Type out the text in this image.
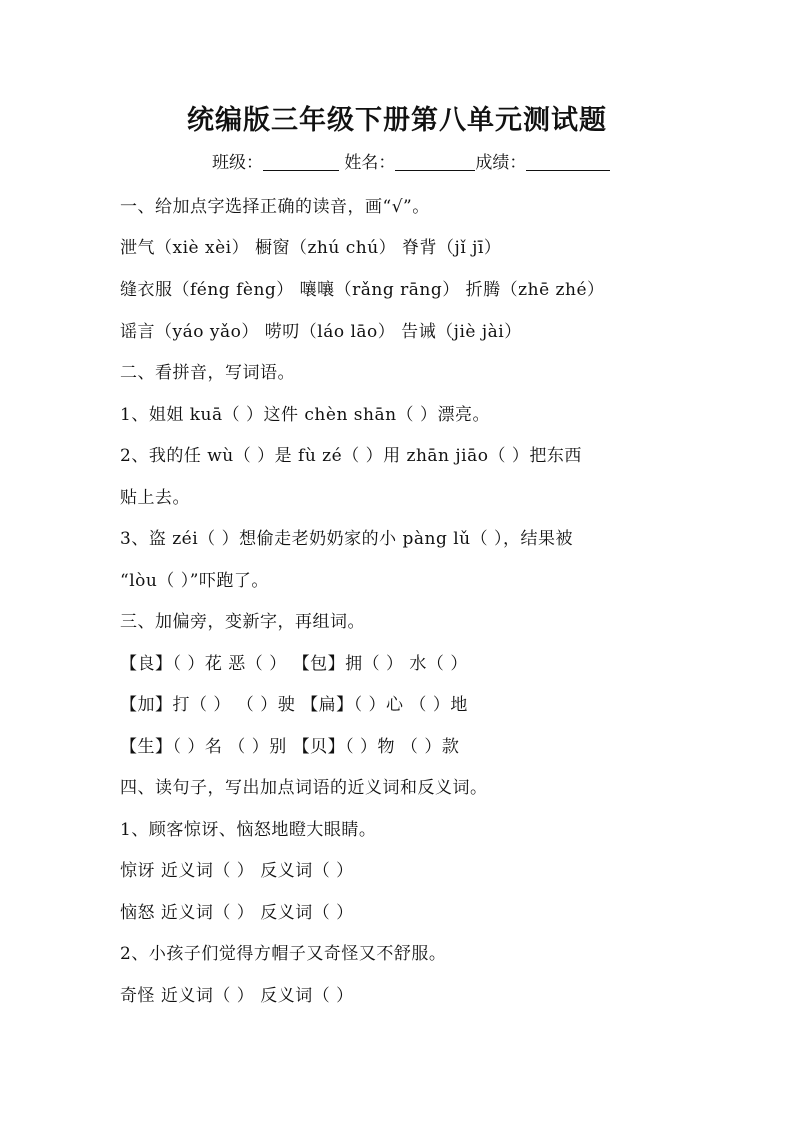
统编版三年级下册第八单元测试题
班级：	姓名：	成绩：
一、给加点字选择正确的读音，画“√”。
泄气（xiè xèi） 橱窗（zhú chú） 脊背（jǐ jī）
缝衣服（féng fèng） 嚷嚷（rǎng rāng） 折腾（zhē zhé）
谣言（yáo yǎo） 唠叨（láo lāo） 告诫（jiè jài）
二、看拼音，写词语。
1、姐姐 kuā（ ）这件 chèn shān（ ）漂亮。
2、我的任 wù（ ）是 fù zé（ ）用 zhān jiāo（ ）把东西
贴上去。
3、盗 zéi（ ）想偷走老奶奶家的小 pàng lǔ（ ），结果被
“lòu（ ）”吓跑了。
三、加偏旁，变新字，再组词。
【良】（ ）花 恶（ ） 【包】拥（ ） 水（ ）
【加】打（ ） （ ）驶 【扁】（ ）心 （ ）地
【生】（ ）名 （ ）别 【贝】（ ）物 （ ）款
四、读句子，写出加点词语的近义词和反义词。
1、顾客惊讶、恼怒地瞪大眼睛。
惊讶 近义词（ ） 反义词（ ）
恼怒 近义词（ ） 反义词（ ）
2、小孩子们觉得方帽子又奇怪又不舒服。
奇怪 近义词（ ） 反义词（ ）
